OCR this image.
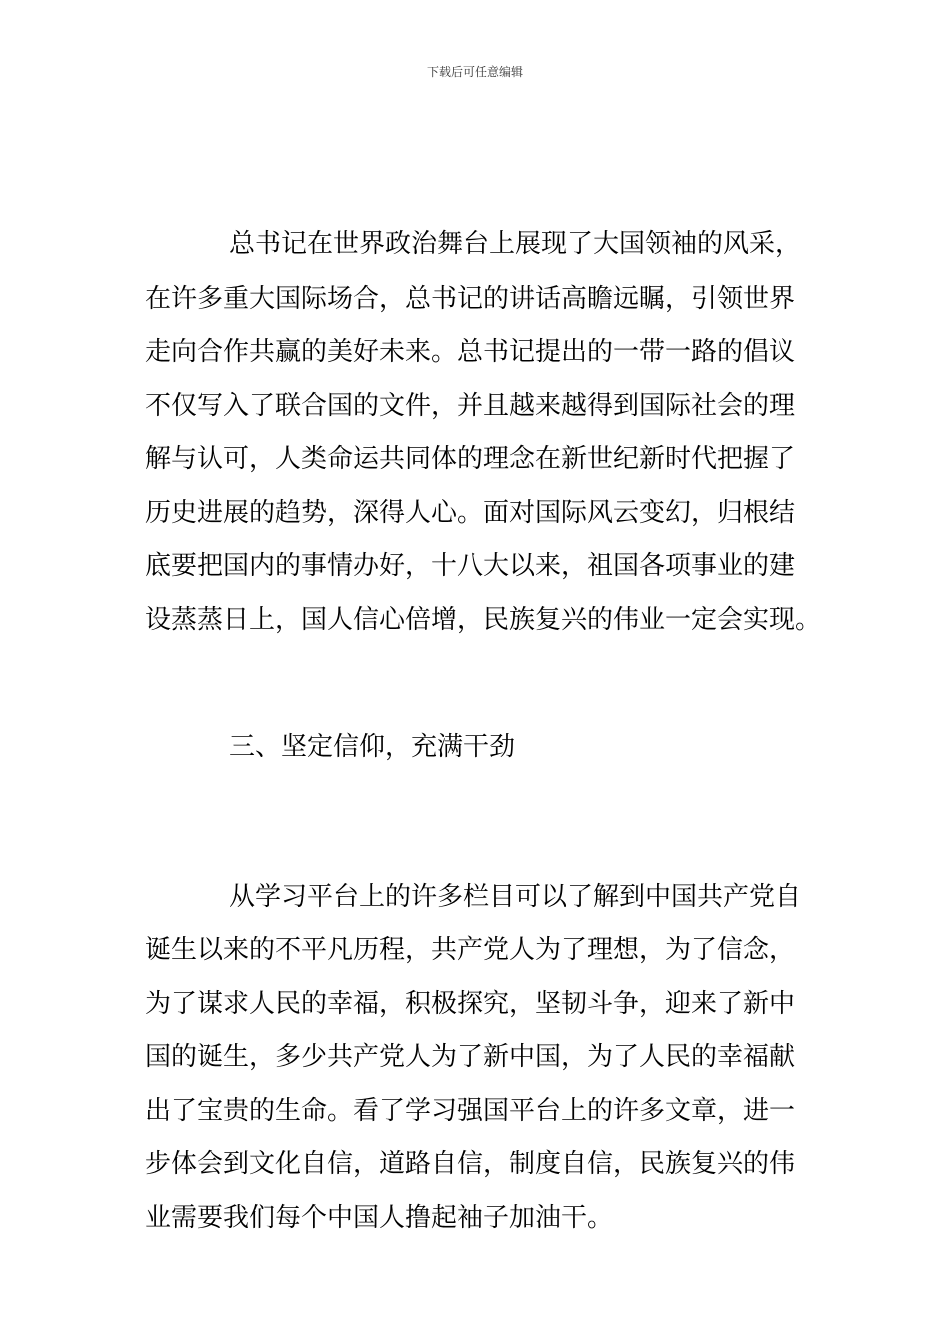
下载后可任意编辑
总书记在世界政治舞台上展现了大国领袖的风采，
在许多重大国际场合，总书记的讲话高瞻远瞩，引领世界
走向合作共赢的美好未来。总书记提出的一带一路的倡议
不仅写入了联合国的文件，并且越来越得到国际社会的理
解与认可，人类命运共同体的理念在新世纪新时代把握了
历史进展的趋势，深得人心。面对国际风云变幻，归根结
底要把国内的事情办好，十八大以来，祖国各项事业的建
设蒸蒸日上，国人信心倍增，民族复兴的伟业一定会实现。
三、坚定信仰，充满干劲
从学习平台上的许多栏目可以了解到中国共产党自
诞生以来的不平凡历程，共产党人为了理想，为了信念，
为了谋求人民的幸福，积极探究，坚韧斗争，迎来了新中
国的诞生，多少共产党人为了新中国，为了人民的幸福献
出了宝贵的生命。看了学习强国平台上的许多文章，进一
步体会到文化自信，道路自信，制度自信，民族复兴的伟
业需要我们每个中国人撸起袖子加油干。
